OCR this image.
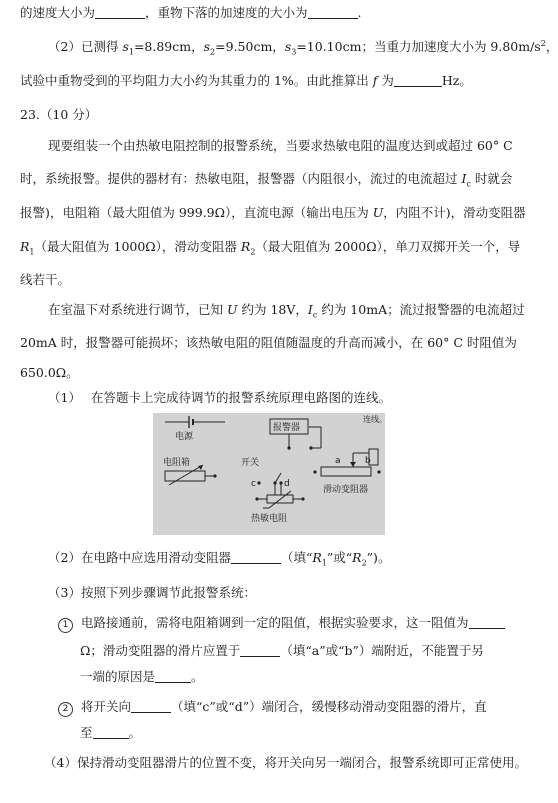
的速度大小为	，重物下落的加速度的大小为	.
（2）已测得 $s_1=8.89cm$，$s_2=9.50cm$，$s_3=10.10cm$；当重力加速度大小为 $9.80m/s^2$，
试验中重物受到的平均阻力大小约为其重力的 1%。由此推算出 f 为	Hz。
23.（10 分）
现要组装一个由热敏电阻控制的报警系统，当要求热敏电阻的温度达到或超过 60° C
时，系统报警。提供的器材有：热敏电阻，报警器（内阻很小，流过的电流超过 $I_c$ 时就会
报警)，电阻箱（最大阻值为 999.9Ω），直流电源（输出电压为 U，内阻不计)，滑动变阻器
$R_1$（最大阻值为 1000Ω），滑动变阻器 $R_2$（最大阻值为 2000Ω），单刀双掷开关一个，导
线若干。
在室温下对系统进行调节，已知 U 约为 18V，$I_c$ 约为 10mA；流过报警器的电流超过
20mA 时，报警器可能损坏；该热敏电阻的阻值随温度的升高而减小，在 60° C 时阻值为
650.0Ω。
（1） 在答题卡上完成待调节的报警系统原理电路图的连线。
电源
报警器
连线。
电阻箱	开关
c	d
a	b
滑动变阻器
热敏电阻
（2）在电路中应选用滑动变阻器	（填“$R_1$”或“$R_2$”)。
（3）按照下列步骤调节此报警系统：
1 电路接通前，需将电阻箱调到一定的阻值，根据实验要求，这一阻值为
Ω；滑动变阻器的滑片应置于	（填“a”或“b”）端附近，不能置于另
一端的原因是	。
2 将开关向	（填“c”或“d”）端闭合，缓慢移动滑动变阻器的滑片，直
至	。
（4）保持滑动变阻器滑片的位置不变，将开关向另一端闭合，报警系统即可正常使用。
